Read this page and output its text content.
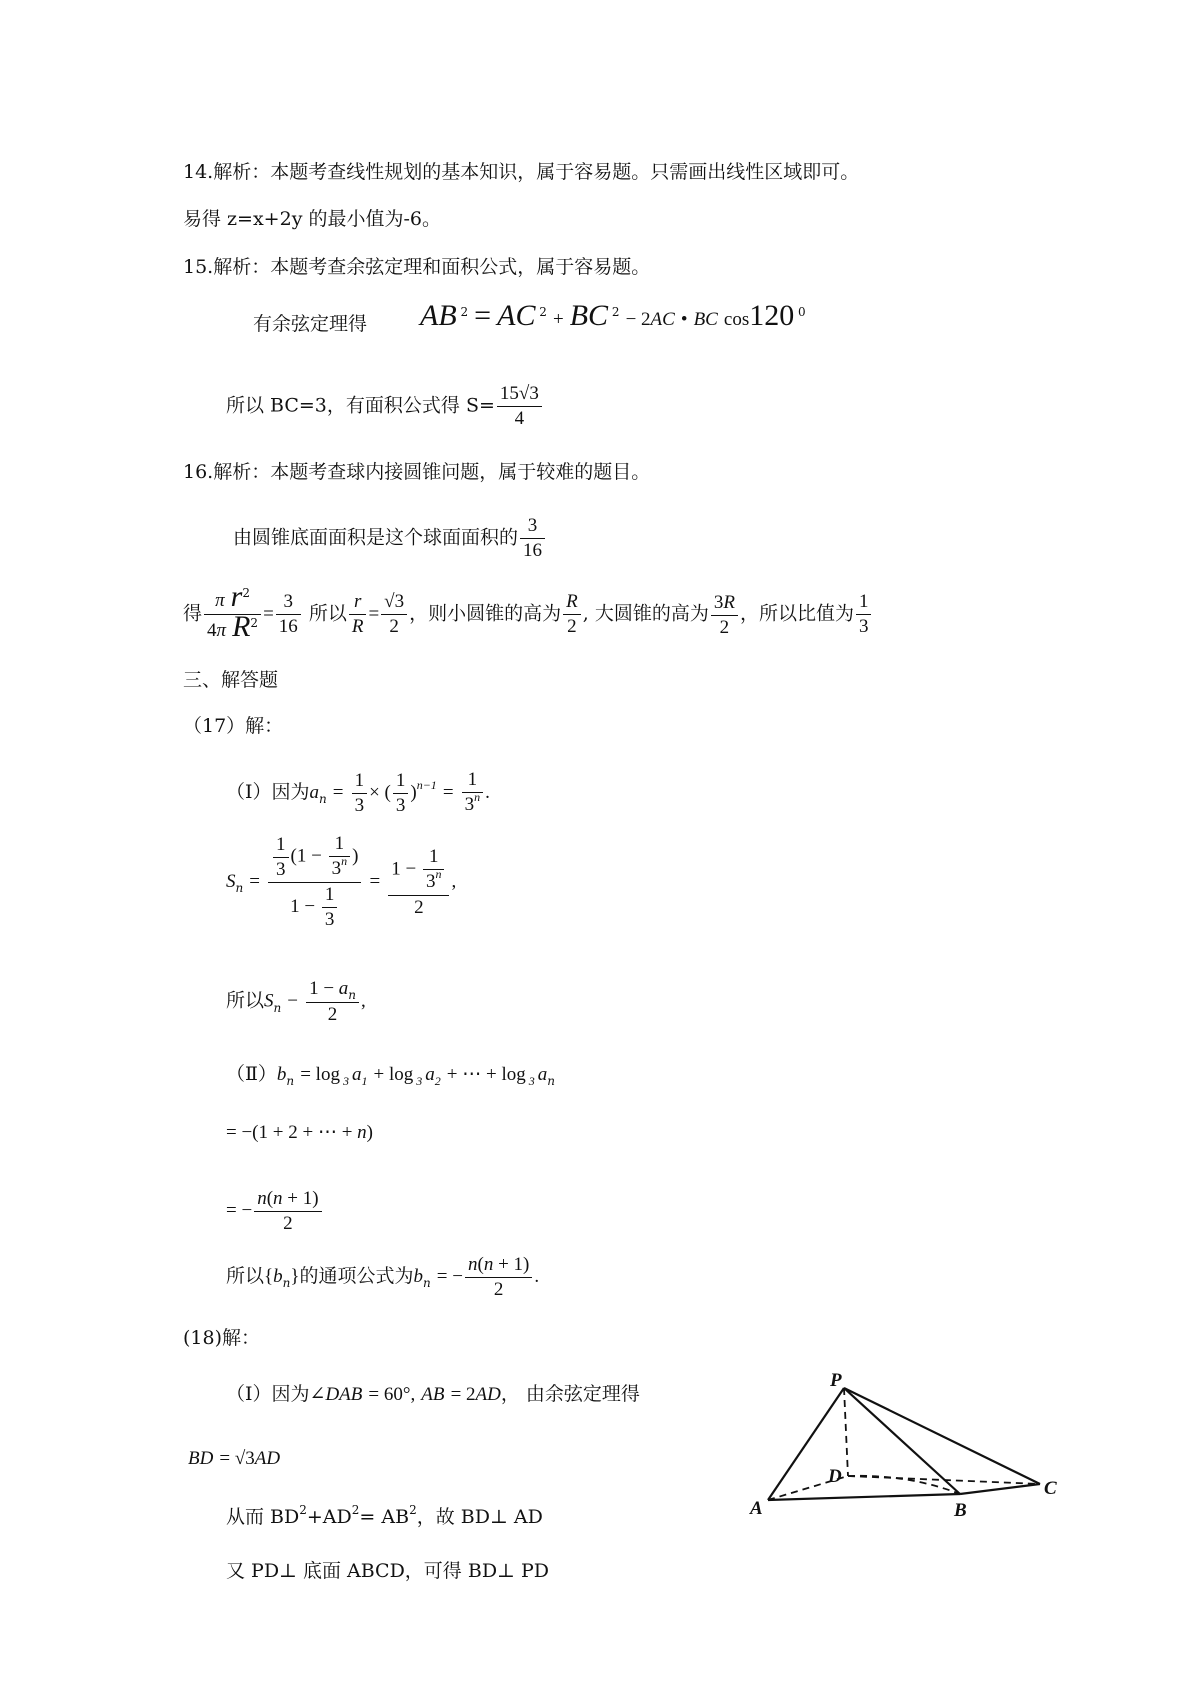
14.解析：本题考查线性规划的基本知识，属于容易题。只需画出线性区域即可。
易得 z=x+2y 的最小值为-6。
15.解析：本题考查余弦定理和面积公式，属于容易题。
有余弦定理得 AB $^2$ = AC $^2$ + BC $^2$ − 2AC • BC cos120 $^0$
所以 BC=3，有面积公式得 $S= \frac{15√3}{4}$
16.解析：本题考查球内接圆锥问题，属于较难的题目。
由圆锥底面面积是这个球面面积的 $\frac{3}{16}$
得 $\frac{\pi r^2}{4\pi R^2} = \frac{3}{16}$ 所以 $\frac{r}{R} = \frac{√3}{2}$ ，则小圆锥的高为 $\frac{R}{2}$ , 大圆锥的高为 $\frac{3R}{2}$ ，所以比值为 $\frac{1}{3}$
三、解答题
（17）解：
（Ⅰ）因为$a_n = \frac{1}{3}$ × ( $\frac{1}{3} )^{n-1} = \frac{1}{3^n}$ .
$S_n = \frac{\frac{1}{3} (1 - \frac{1}{3^n} )}{1 - \frac{1}{3}} = \frac{1 - \frac{1}{3^n}}{2}$ ,
所以$S_n - \frac{1 - a_n}{2}$ ,
$(Ⅱ)b_n = \log _3$ $a_1 + \log _3$ $a_2$ + ⋯ + log $_3$ $a_n$
= −(1 + 2 + ⋯ + n)
= − $\frac{n(n + 1)}{2}$
所以$\{b_n\}$的通项公式为$b_n$ = − $\frac{n(n + 1)}{2}$ .
(18)解：
（Ⅰ）因为∠DAB = 60°, AB = 2AD， 由余弦定理得
BD = √3AD
从而 $BD^2+AD^2= AB^2$，故 BD⊥ AD
又 PD⊥ 底面 ABCD，可得 BD⊥ PD
P
D
C
A	B
